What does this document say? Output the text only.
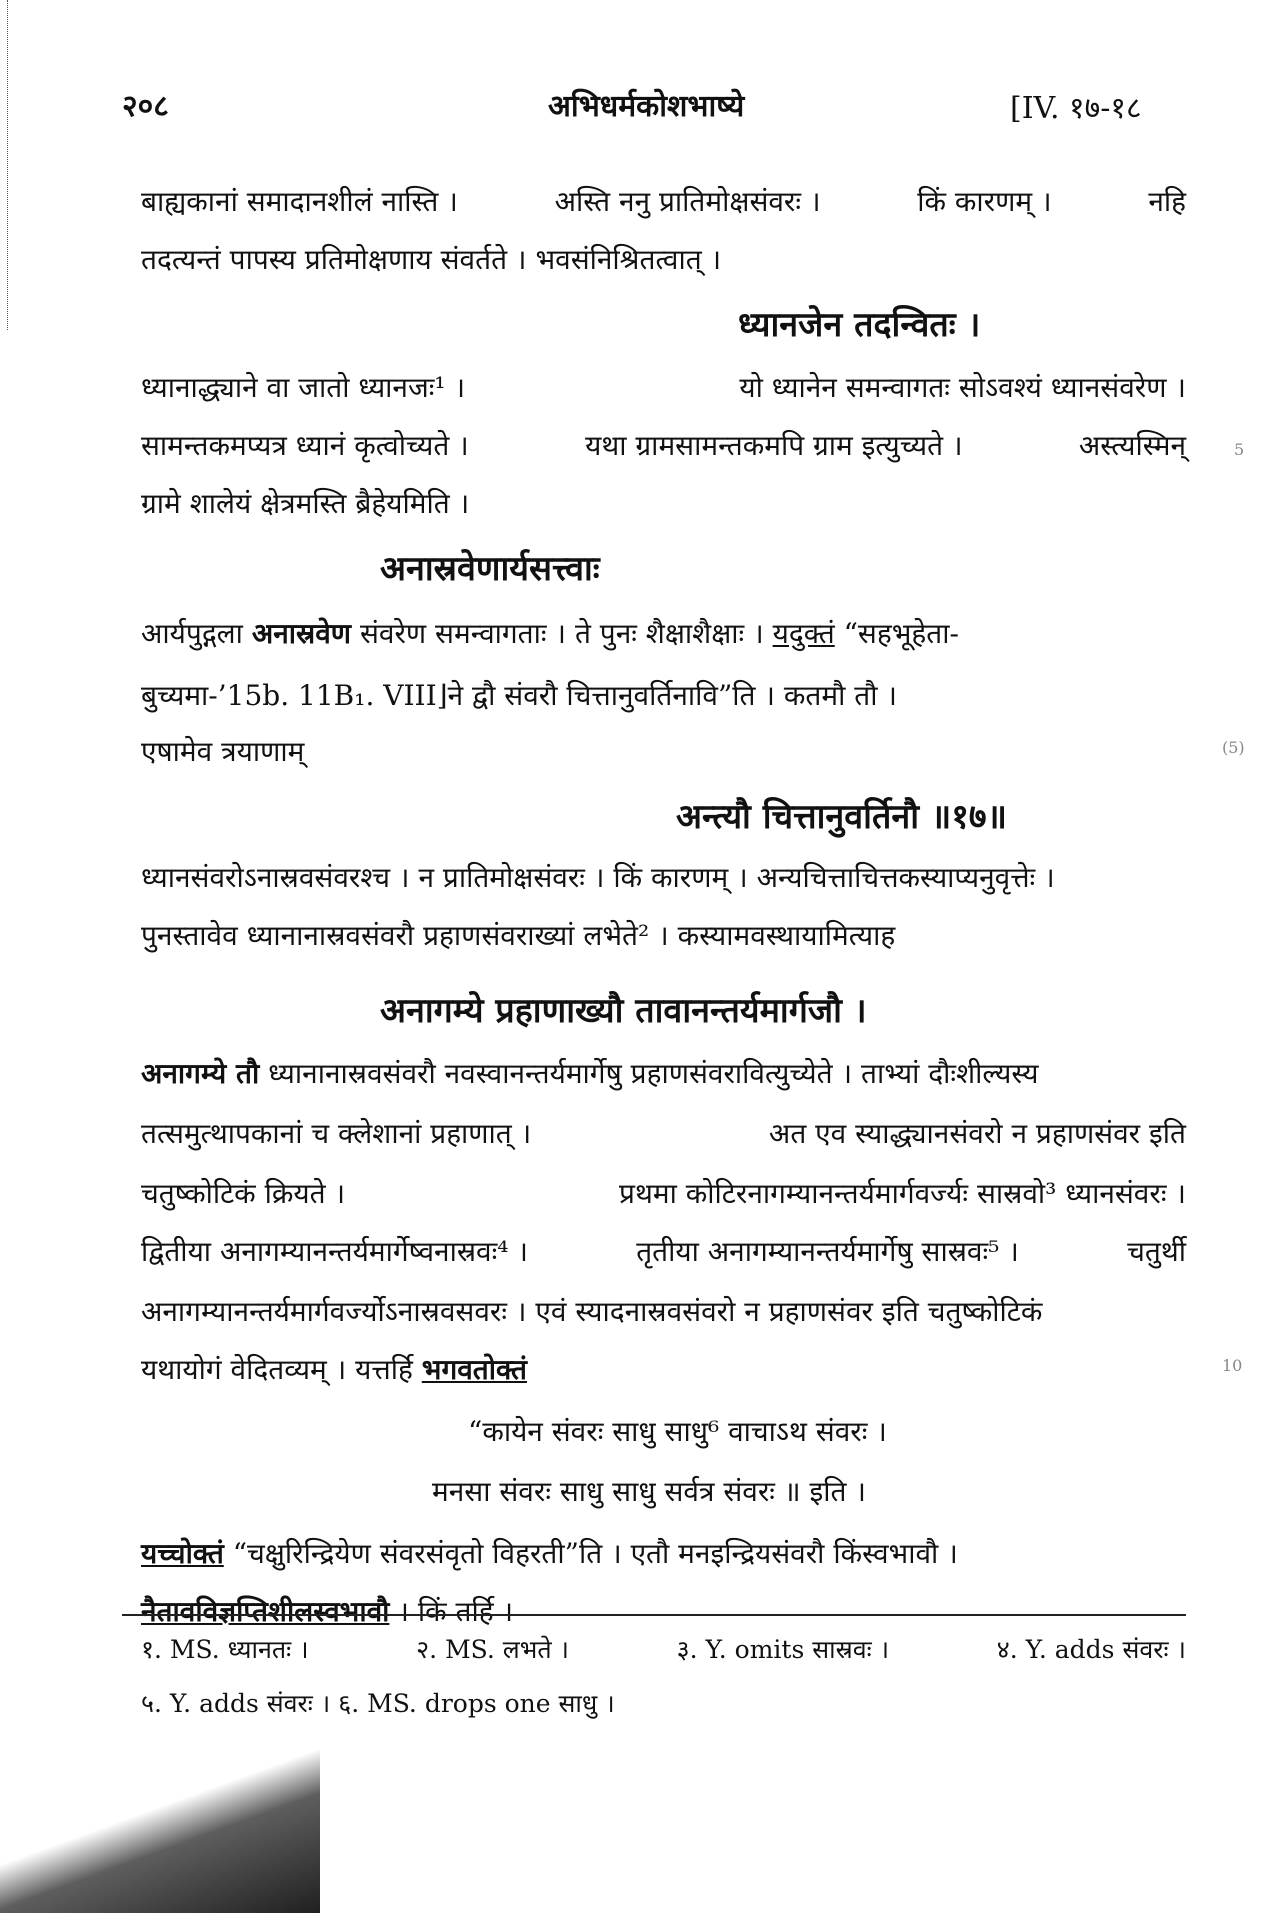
२०८	अभिधर्मकोशभाष्ये	[IV. १७-१८
बाह्यकानां समादानशीलं नास्ति ।	अस्ति ननु प्रातिमोक्षसंवरः ।	किं कारणम् ।	नहि
तदत्यन्तं पापस्य प्रतिमोक्षणाय संवर्तते । भवसंनिश्रितत्वात् ।
ध्यानजेन तदन्वितः ।
ध्यानाद्ध्याने वा जातो ध्यानजः¹ ।	यो ध्यानेन समन्वागतः सोऽवश्यं ध्यानसंवरेण ।
सामन्तकमप्यत्र ध्यानं कृत्वोच्यते ।	यथा ग्रामसामन्तकमपि ग्राम इत्युच्यते ।	अस्त्यस्मिन्
ग्रामे शालेयं क्षेत्रमस्ति ब्रैहेयमिति ।
अनास्रवेणार्यसत्त्वाः
आर्यपुद्गला अनास्रवेण संवरेण समन्वागताः । ते पुनः शैक्षाशैक्षाः । यदुक्तं “सहभूहेता-
बुच्यमा-’15b. 11B₁. VIII⌋ने द्वौ संवरौ चित्तानुवर्तिनावि”ति । कतमौ तौ ।
एषामेव त्रयाणाम्
अन्त्यौ चित्तानुवर्तिनौ ॥१७॥
ध्यानसंवरोऽनास्रवसंवरश्च । न प्रातिमोक्षसंवरः । किं कारणम् । अन्यचित्ताचित्तकस्याप्यनुवृत्तेः ।
पुनस्तावेव ध्यानानास्रवसंवरौ प्रहाणसंवराख्यां लभेते² । कस्यामवस्थायामित्याह
अनागम्ये प्रहाणाख्यौ तावानन्तर्यमार्गजौ ।
अनागम्ये तौ ध्यानानास्रवसंवरौ नवस्वानन्तर्यमार्गेषु प्रहाणसंवरावित्युच्येते । ताभ्यां दौःशील्यस्य
तत्समुत्थापकानां च क्लेशानां प्रहाणात् ।	अत एव स्याद्ध्यानसंवरो न प्रहाणसंवर इति
चतुष्कोटिकं क्रियते ।	प्रथमा कोटिरनागम्यानन्तर्यमार्गवर्ज्यः सास्रवो³ ध्यानसंवरः ।
द्वितीया अनागम्यानन्तर्यमार्गेष्वनास्रवः⁴ ।	तृतीया अनागम्यानन्तर्यमार्गेषु सास्रवः⁵ ।	चतुर्थी
अनागम्यानन्तर्यमार्गवर्ज्योऽनास्रवसवरः । एवं स्यादनास्रवसंवरो न प्रहाणसंवर इति चतुष्कोटिकं
यथायोगं वेदितव्यम् । यत्तर्हि भगवतोक्तं
“कायेन संवरः साधु साधु⁶ वाचाऽथ संवरः ।
मनसा संवरः साधु साधु सर्वत्र संवरः ॥ इति ।
यच्चोक्तं “चक्षुरिन्द्रियेण संवरसंवृतो विहरती”ति । एतौ मनइन्द्रियसंवरौ किंस्वभावौ ।
नैतावविज्ञप्तिशीलस्वभावौ । किं तर्हि ।
5
(5)
10
१. MS. ध्यानतः ।	२. MS. लभते ।	३. Y. omits सास्रवः ।	४. Y. adds संवरः ।
५. Y. adds संवरः । ६. MS. drops one साधु ।
